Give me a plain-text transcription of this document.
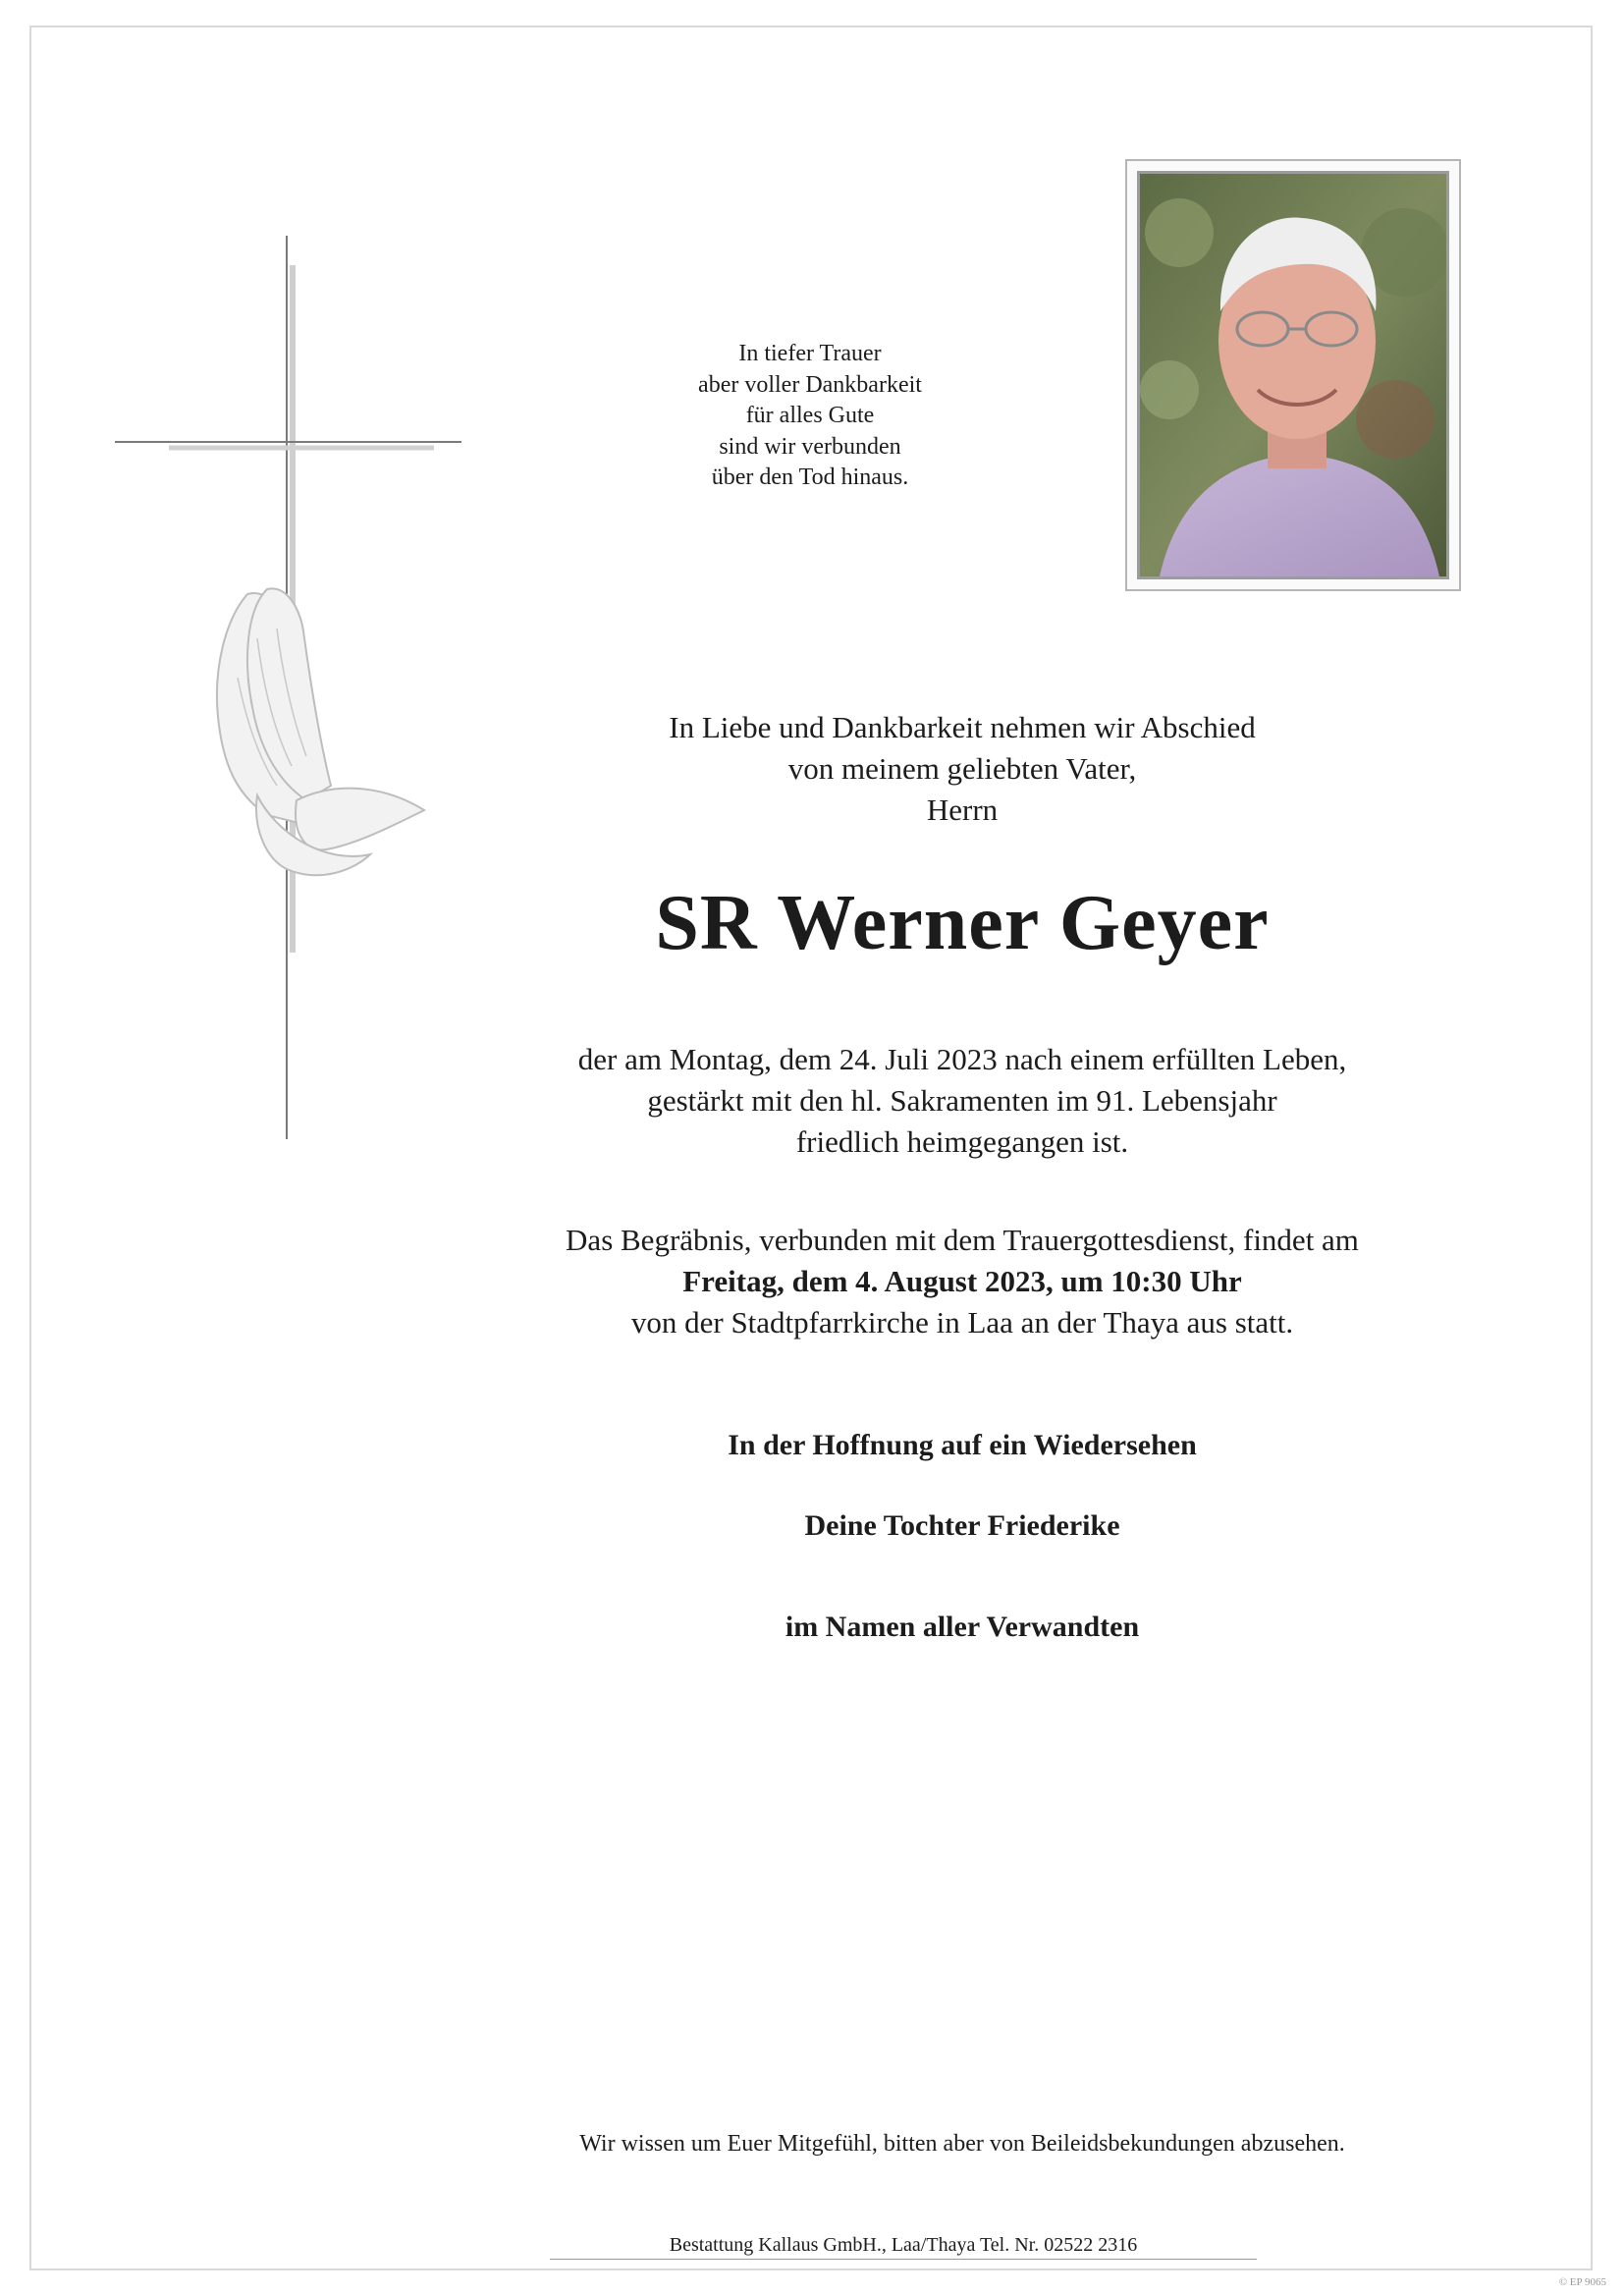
In tiefer Trauer
aber voller Dankbarkeit
für alles Gute
sind wir verbunden
über den Tod hinaus.
In Liebe und Dankbarkeit nehmen wir Abschied
von meinem geliebten Vater,
Herrn
SR Werner Geyer
der am Montag, dem 24. Juli 2023 nach einem erfüllten Leben,
gestärkt mit den hl. Sakramenten im 91. Lebensjahr
friedlich heimgegangen ist.
Das Begräbnis, verbunden mit dem Trauergottesdienst, findet am
Freitag, dem 4. August 2023, um 10:30 Uhr
von der Stadtpfarrkirche in Laa an der Thaya aus statt.
In der Hoffnung auf ein Wiedersehen
Deine Tochter Friederike
im Namen aller Verwandten
Wir wissen um Euer Mitgefühl, bitten aber von Beileidsbekundungen abzusehen.
Bestattung Kallaus GmbH., Laa/Thaya Tel. Nr. 02522 2316
© EP 9065
